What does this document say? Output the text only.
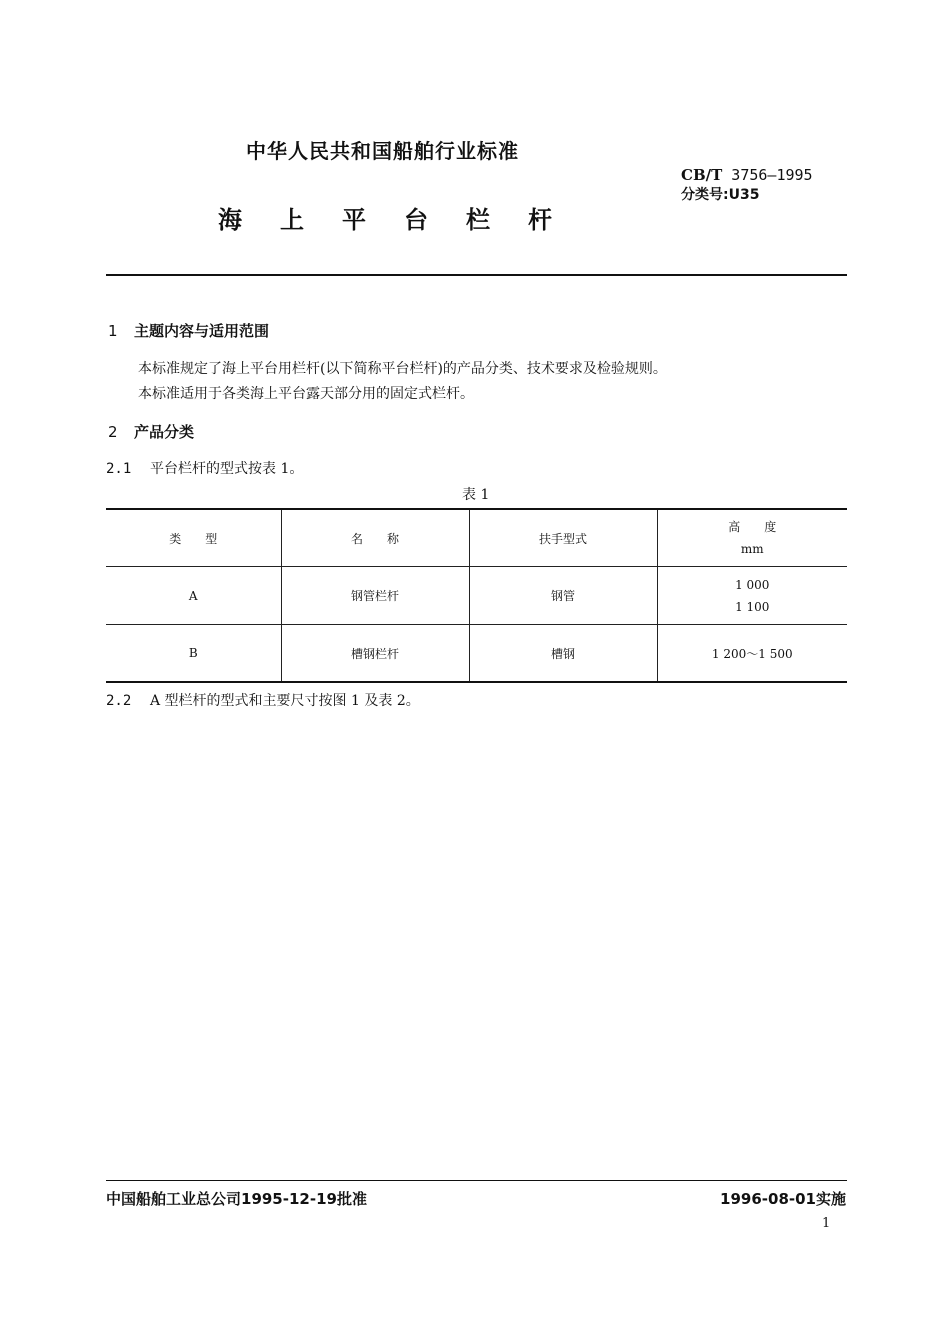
中华人民共和国船舶行业标准
CB/T 3756—1995
分类号:U35
海上平台栏杆
1 主题内容与适用范围
本标准规定了海上平台用栏杆(以下简称平台栏杆)的产品分类、技术要求及检验规则。
本标准适用于各类海上平台露天部分用的固定式栏杆。
2 产品分类
2.1 平台栏杆的型式按表 1。
表 1
类　　型	名　　称	扶手型式	高　　度
mm

A	钢管栏杆	钢管	1 000
1 100

B	槽钢栏杆	槽钢	1 200～1 500
2.2 A 型栏杆的型式和主要尺寸按图 1 及表 2。
中国船舶工业总公司1995-12-19批准	1996-08-01实施
1
